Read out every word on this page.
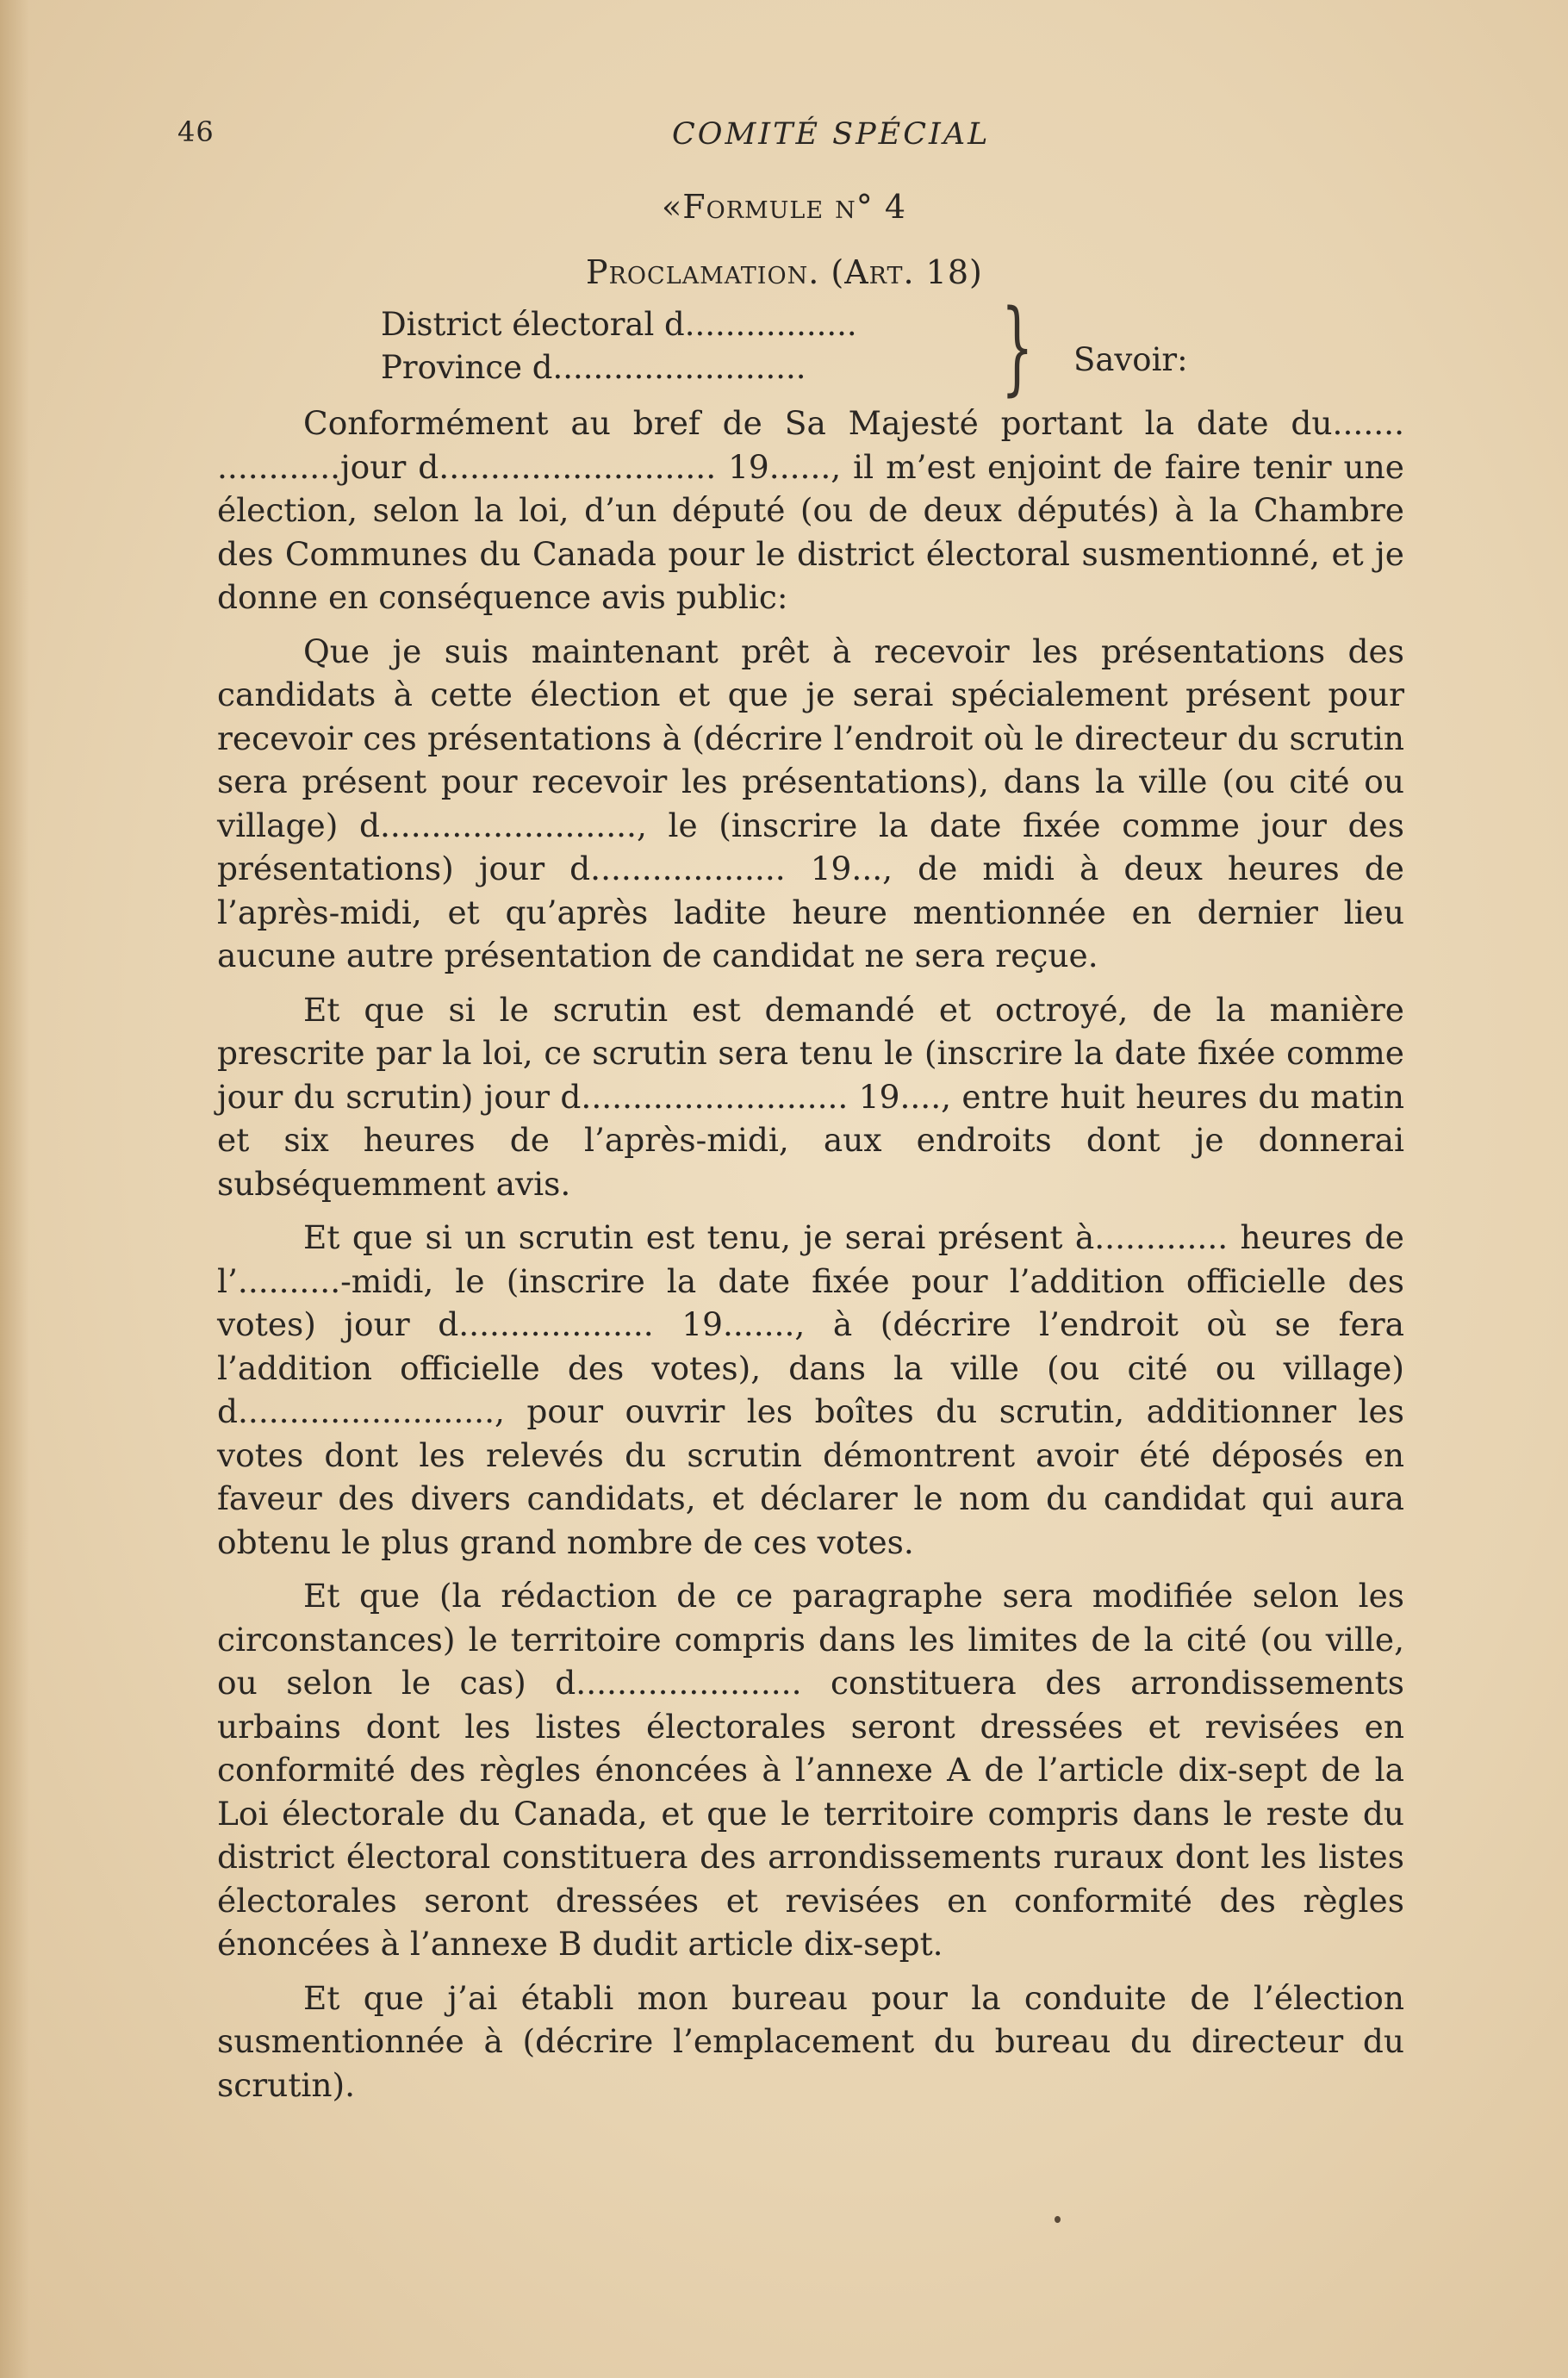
46	COMITÉ SPÉCIAL
«Formule n° 4
Proclamation. (Art. 18)
District électoral d.................
Province d.........................	} Savoir:

Conformément au bref de Sa Majesté portant la date du....... ............jour d........................... 19......, il m’est enjoint de faire tenir une élection, selon la loi, d’un député (ou de deux députés) à la Chambre des Communes du Canada pour le district électoral susmentionné, et je donne en conséquence avis public:

Que je suis maintenant prêt à recevoir les présentations des candidats à cette élection et que je serai spécialement présent pour recevoir ces présentations à (décrire l’endroit où le directeur du scrutin sera présent pour recevoir les présentations), dans la ville (ou cité ou village) d........................., le (inscrire la date fixée comme jour des présentations) jour d................... 19..., de midi à deux heures de l’après-midi, et qu’après ladite heure mentionnée en dernier lieu aucune autre présentation de candidat ne sera reçue.

Et que si le scrutin est demandé et octroyé, de la manière prescrite par la loi, ce scrutin sera tenu le (inscrire la date fixée comme jour du scrutin) jour d.......................... 19...., entre huit heures du matin et six heures de l’après-midi, aux endroits dont je donnerai subséquemment avis.

Et que si un scrutin est tenu, je serai présent à............. heures de l’..........-midi, le (inscrire la date fixée pour l’addition officielle des votes) jour d................... 19......., à (décrire l’endroit où se fera l’addition officielle des votes), dans la ville (ou cité ou village) d........................., pour ouvrir les boîtes du scrutin, additionner les votes dont les relevés du scrutin démontrent avoir été déposés en faveur des divers candidats, et déclarer le nom du candidat qui aura obtenu le plus grand nombre de ces votes.

Et que (la rédaction de ce paragraphe sera modifiée selon les circonstances) le territoire compris dans les limites de la cité (ou ville, ou selon le cas) d...................... constituera des arrondissements urbains dont les listes électorales seront dressées et revisées en conformité des règles énoncées à l’annexe A de l’article dix-sept de la Loi électorale du Canada, et que le territoire compris dans le reste du district électoral constituera des arrondissements ruraux dont les listes électorales seront dressées et revisées en conformité des règles énoncées à l’annexe B dudit article dix-sept.

Et que j’ai établi mon bureau pour la conduite de l’élection susmentionnée à (décrire l’emplacement du bureau du directeur du scrutin).
